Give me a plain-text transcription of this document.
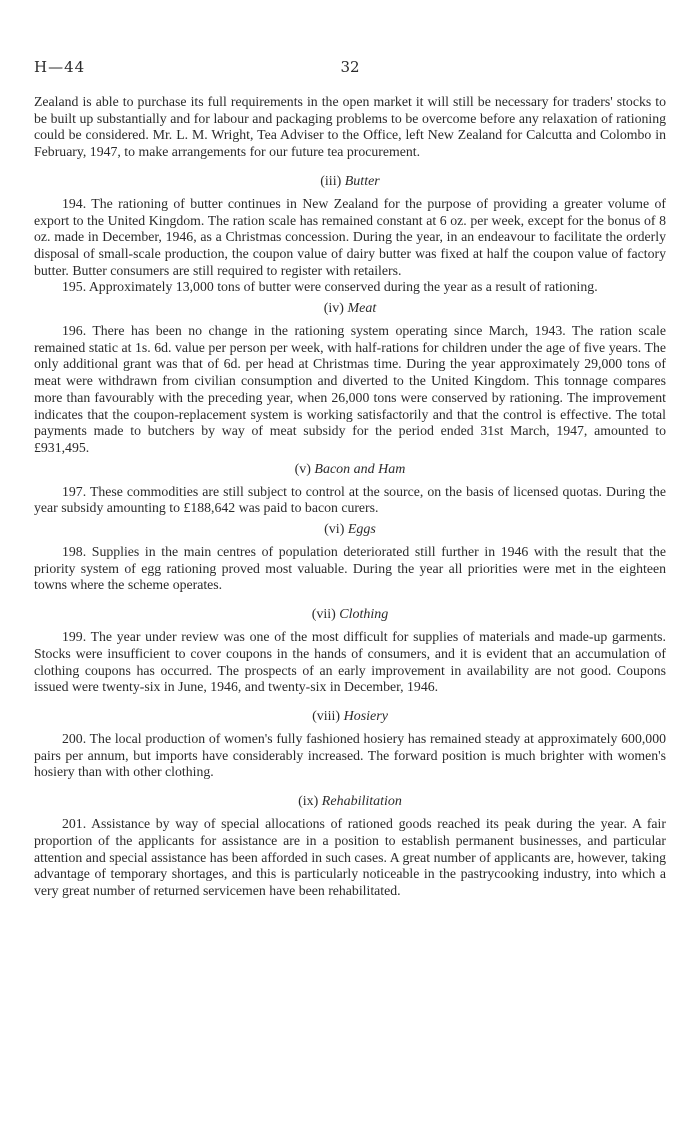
H—44	32

Zealand is able to purchase its full requirements in the open market it will still be necessary for traders' stocks to be built up substantially and for labour and packaging problems to be overcome before any relaxation of rationing could be considered. Mr. L. M. Wright, Tea Adviser to the Office, left New Zealand for Calcutta and Colombo in February, 1947, to make arrangements for our future tea procurement.

(iii) Butter

194. The rationing of butter continues in New Zealand for the purpose of providing a greater volume of export to the United Kingdom. The ration scale has remained constant at 6 oz. per week, except for the bonus of 8 oz. made in December, 1946, as a Christmas concession. During the year, in an endeavour to facilitate the orderly disposal of small-scale production, the coupon value of dairy butter was fixed at half the coupon value of factory butter. Butter consumers are still required to register with retailers.

195. Approximately 13,000 tons of butter were conserved during the year as a result of rationing.

(iv) Meat

196. There has been no change in the rationing system operating since March, 1943. The ration scale remained static at 1s. 6d. value per person per week, with half-rations for children under the age of five years. The only additional grant was that of 6d. per head at Christmas time. During the year approximately 29,000 tons of meat were withdrawn from civilian consumption and diverted to the United Kingdom. This tonnage compares more than favourably with the preceding year, when 26,000 tons were conserved by rationing. The improvement indicates that the coupon-replacement system is working satisfactorily and that the control is effective. The total payments made to butchers by way of meat subsidy for the period ended 31st March, 1947, amounted to £931,495.

(v) Bacon and Ham

197. These commodities are still subject to control at the source, on the basis of licensed quotas. During the year subsidy amounting to £188,642 was paid to bacon curers.

(vi) Eggs

198. Supplies in the main centres of population deteriorated still further in 1946 with the result that the priority system of egg rationing proved most valuable. During the year all priorities were met in the eighteen towns where the scheme operates.

(vii) Clothing

199. The year under review was one of the most difficult for supplies of materials and made-up garments. Stocks were insufficient to cover coupons in the hands of consumers, and it is evident that an accumulation of clothing coupons has occurred. The prospects of an early improvement in availability are not good. Coupons issued were twenty-six in June, 1946, and twenty-six in December, 1946.

(viii) Hosiery

200. The local production of women's fully fashioned hosiery has remained steady at approximately 600,000 pairs per annum, but imports have considerably increased. The forward position is much brighter with women's hosiery than with other clothing.

(ix) Rehabilitation

201. Assistance by way of special allocations of rationed goods reached its peak during the year. A fair proportion of the applicants for assistance are in a position to establish permanent businesses, and particular attention and special assistance has been afforded in such cases. A great number of applicants are, however, taking advantage of temporary shortages, and this is particularly noticeable in the pastrycooking industry, into which a very great number of returned servicemen have been rehabilitated.
